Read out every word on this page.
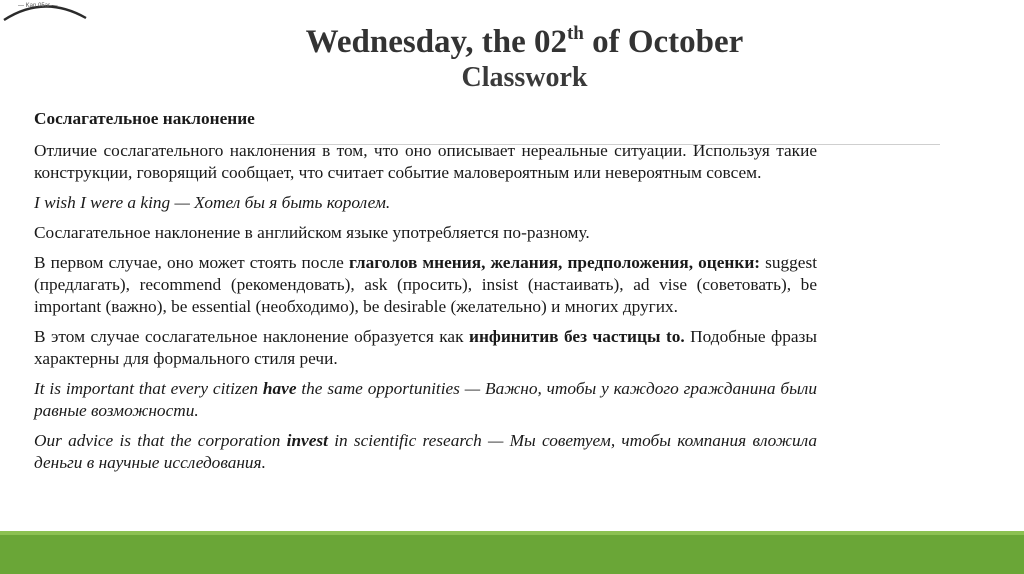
— Kan 05ar —
Wednesday, the 02th of October
Classwork

Сослагательное наклонение

Отличие сослагательного наклонения в том, что оно описывает нереальные ситуации. Используя такие конструкции, говорящий сообщает, что считает событие маловероятным или невероятным совсем.

I wish I were a king — Хотел бы я быть королем.

Сослагательное наклонение в английском языке употребляется по-разному.

В первом случае, оно может стоять после глаголов мнения, желания, предположения, оценки: suggest (предлагать), recommend (рекомендовать), ask (просить), insist (настаивать), ad vise (советовать), be important (важно), be essential (необходимо), be desirable (желательно) и многих других.

В этом случае сослагательное наклонение образуется как инфинитив без частицы to. Подобные фразы характерны для формального стиля речи.

It is important that every citizen have the same opportunities — Важно, чтобы у каждого гражданина были равные возможности.

Our advice is that the corporation invest in scientific research — Мы советуем, чтобы компания вложила деньги в научные исследования.
